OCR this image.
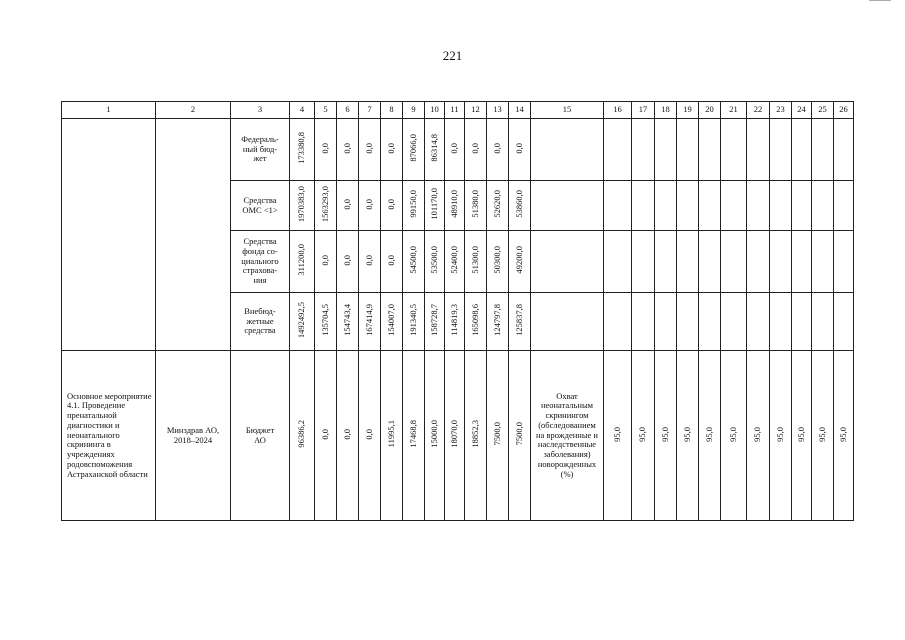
221
1	2	3	4	5	6	7	8	9	10	11	12	13	14	15	16	17	18	19	20	21	22	23	24	25	26
		Федераль-
ный бюд-
жет	173380,8	0,0	0,0	0,0	0,0	87066,0	86314,8	0,0	0,0	0,0	0,0												
		Средства
ОМС <1>	1970383,0	1563293,0	0,0	0,0	0,0	99150,0	101170,0	48910,0	51380,0	52620,0	53860,0												
		Средства
фонда со-
циального
страхова-
ния	311200,0	0,0	0,0	0,0	0,0	54500,0	53500,0	52400,0	51300,0	50300,0	49200,0												
		Внебюд-
жетные
средства	1492492,5	135704,5	154743,4	167414,9	154007,0	191340,5	158728,7	114819,3	165098,6	124797,8	125837,8												
Основное мероприятие 4.1. Проведение пренатальной диагностики и неонатального скрининга в учреждениях родовспоможения Астраханской области	Минздрав АО,
2018–2024	Бюджет
АО	96386,2	0,0	0,0	0,0	11995,1	17468,8	15000,0	18070,0	18852,3	7500,0	7500,0	Охват неонатальным скринингом (обследованием на врожденные и наследственные заболевания) новорожденных (%)	95,0	95,0	95,0	95,0	95,0	95,0	95,0	95,0	95,0	95,0	95,0
